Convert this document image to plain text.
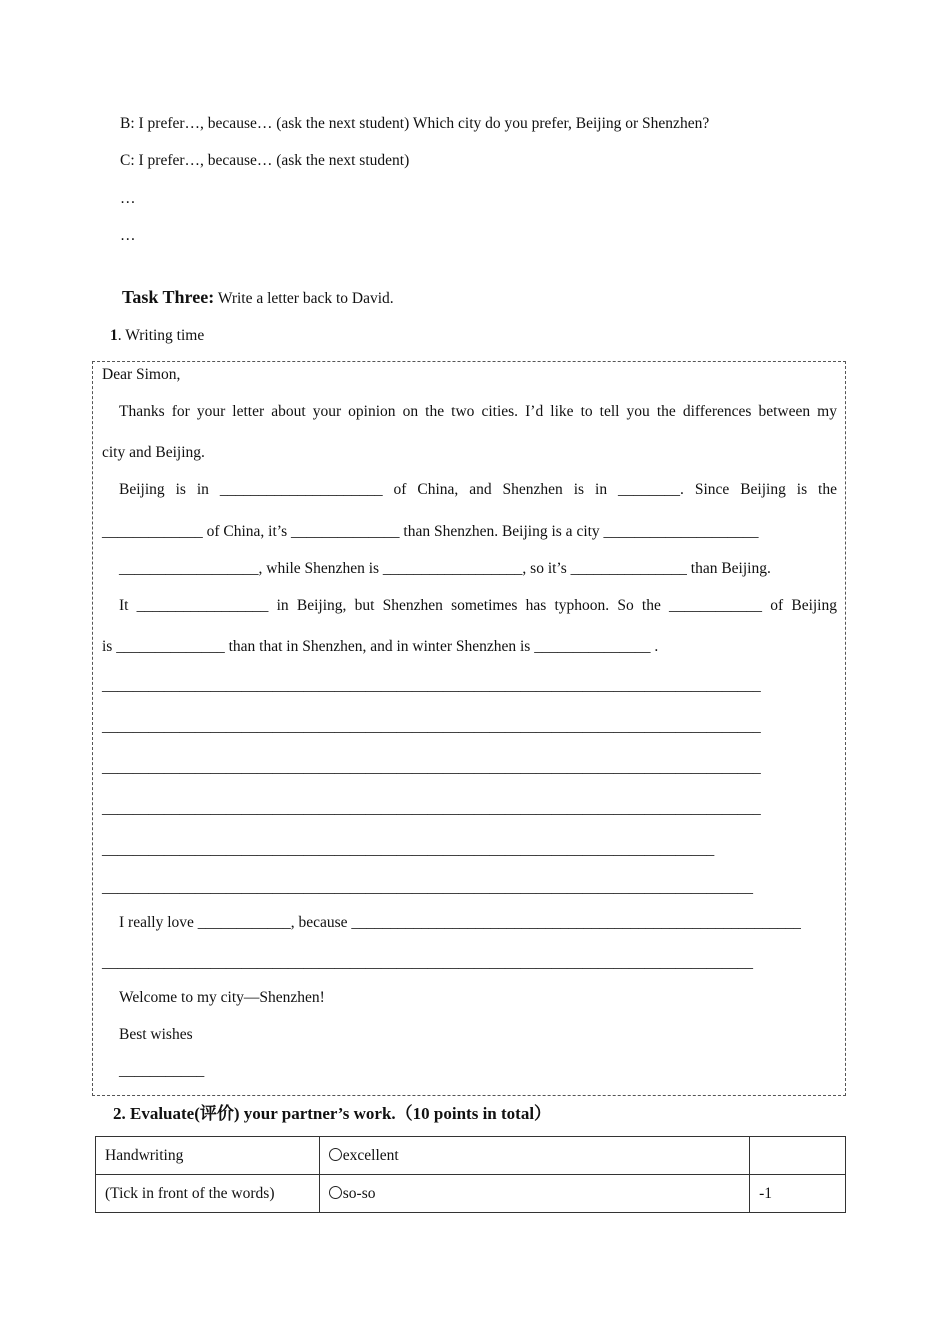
B: I prefer…, because… (ask the next student) Which city do you prefer, Beijing or Shenzhen?
C: I prefer…, because… (ask the next student)
…
…
Task Three: Write a letter back to David.
1. Writing time
Dear Simon,
Thanks for your letter about your opinion on the two cities. I’d like to tell you the differences between my
city and Beijing.
Beijing is in _____________________ of China, and Shenzhen is in ________. Since Beijing is the
_____________ of China, it’s ______________ than Shenzhen. Beijing is a city ____________________
__________________, while Shenzhen is __________________, so it’s _______________ than Beijing.
It _________________ in Beijing, but Shenzhen sometimes has typhoon. So the ____________ of Beijing
is ______________ than that in Shenzhen, and in winter Shenzhen is _______________ .
_____________________________________________________________________________________
_____________________________________________________________________________________
_____________________________________________________________________________________
_____________________________________________________________________________________
_______________________________________________________________________________
____________________________________________________________________________________
I really love ____________, because __________________________________________________________
____________________________________________________________________________________
Welcome to my city—Shenzhen!
Best wishes
___________
2. Evaluate(评价) your partner’s work.（10 points in total）
Handwriting	excellent	
(Tick in front of the words)	so-so	-1
